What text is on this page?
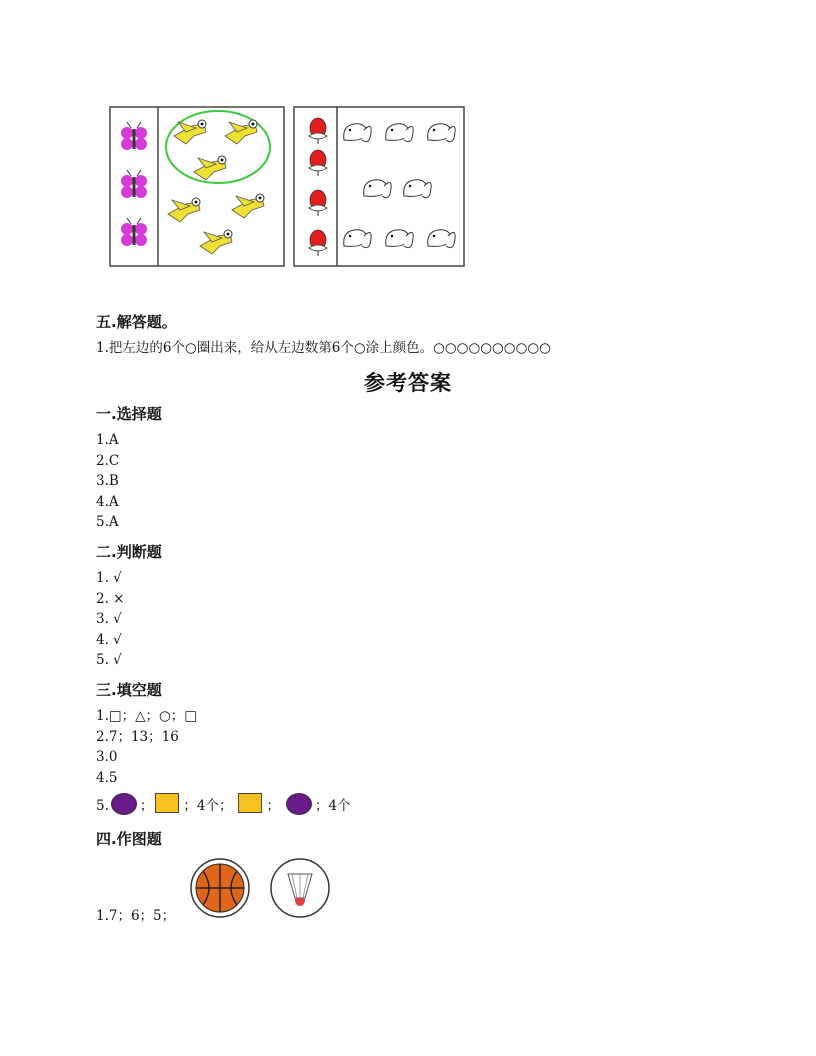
五.解答题。
1.把左边的6个○圈出来，给从左边数第6个○涂上颜色。○○○○○○○○○○
参考答案
一.选择题
1.A
2.C
3.B
4.A
5.A
二.判断题
1. √
2. ×
3. √
4. √
5. √
三.填空题
1.□；△；○；□
2.7；13；16
3.0
4.5
5. ； ； 4个 ；	；	； 4个
四.作图题
1.7；6；5；
